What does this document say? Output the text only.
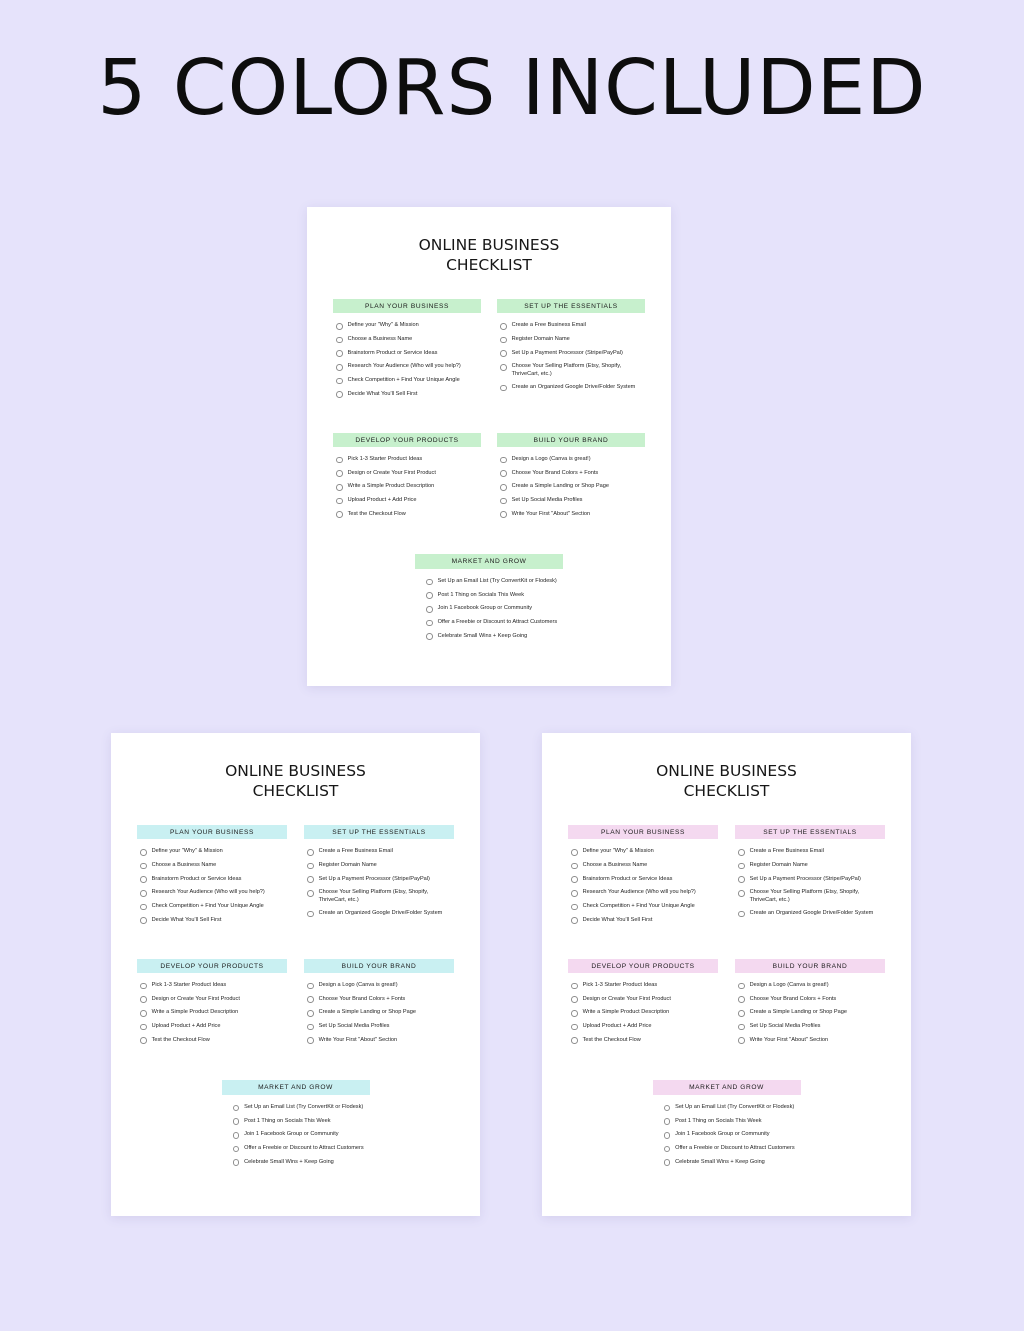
5 COLORS INCLUDED
ONLINE BUSINESS
CHECKLIST
PLAN YOUR BUSINESS
Define your "Why" & Mission
Choose a Business Name
Brainstorm Product or Service Ideas
Research Your Audience (Who will you help?)
Check Competition + Find Your Unique Angle
Decide What You'll Sell First
SET UP THE ESSENTIALS
Create a Free Business Email
Register Domain Name
Set Up a Payment Processor (Stripe/PayPal)
Choose Your Selling Platform (Etsy, Shopify, ThriveCart, etc.)
Create an Organized Google Drive/Folder System
DEVELOP YOUR PRODUCTS
Pick 1-3 Starter Product Ideas
Design or Create Your First Product
Write a Simple Product Description
Upload Product + Add Price
Test the Checkout Flow
BUILD YOUR BRAND
Design a Logo (Canva is great!)
Choose Your Brand Colors + Fonts
Create a Simple Landing or Shop Page
Set Up Social Media Profiles
Write Your First "About" Section
MARKET AND GROW
Set Up an Email List (Try ConvertKit or Flodesk)
Post 1 Thing on Socials This Week
Join 1 Facebook Group or Community
Offer a Freebie or Discount to Attract Customers
Celebrate Small Wins + Keep Going
ONLINE BUSINESS
CHECKLIST
PLAN YOUR BUSINESS
Define your "Why" & Mission
Choose a Business Name
Brainstorm Product or Service Ideas
Research Your Audience (Who will you help?)
Check Competition + Find Your Unique Angle
Decide What You'll Sell First
SET UP THE ESSENTIALS
Create a Free Business Email
Register Domain Name
Set Up a Payment Processor (Stripe/PayPal)
Choose Your Selling Platform (Etsy, Shopify, ThriveCart, etc.)
Create an Organized Google Drive/Folder System
DEVELOP YOUR PRODUCTS
Pick 1-3 Starter Product Ideas
Design or Create Your First Product
Write a Simple Product Description
Upload Product + Add Price
Test the Checkout Flow
BUILD YOUR BRAND
Design a Logo (Canva is great!)
Choose Your Brand Colors + Fonts
Create a Simple Landing or Shop Page
Set Up Social Media Profiles
Write Your First "About" Section
MARKET AND GROW
Set Up an Email List (Try ConvertKit or Flodesk)
Post 1 Thing on Socials This Week
Join 1 Facebook Group or Community
Offer a Freebie or Discount to Attract Customers
Celebrate Small Wins + Keep Going
ONLINE BUSINESS
CHECKLIST
PLAN YOUR BUSINESS
Define your "Why" & Mission
Choose a Business Name
Brainstorm Product or Service Ideas
Research Your Audience (Who will you help?)
Check Competition + Find Your Unique Angle
Decide What You'll Sell First
SET UP THE ESSENTIALS
Create a Free Business Email
Register Domain Name
Set Up a Payment Processor (Stripe/PayPal)
Choose Your Selling Platform (Etsy, Shopify, ThriveCart, etc.)
Create an Organized Google Drive/Folder System
DEVELOP YOUR PRODUCTS
Pick 1-3 Starter Product Ideas
Design or Create Your First Product
Write a Simple Product Description
Upload Product + Add Price
Test the Checkout Flow
BUILD YOUR BRAND
Design a Logo (Canva is great!)
Choose Your Brand Colors + Fonts
Create a Simple Landing or Shop Page
Set Up Social Media Profiles
Write Your First "About" Section
MARKET AND GROW
Set Up an Email List (Try ConvertKit or Flodesk)
Post 1 Thing on Socials This Week
Join 1 Facebook Group or Community
Offer a Freebie or Discount to Attract Customers
Celebrate Small Wins + Keep Going
